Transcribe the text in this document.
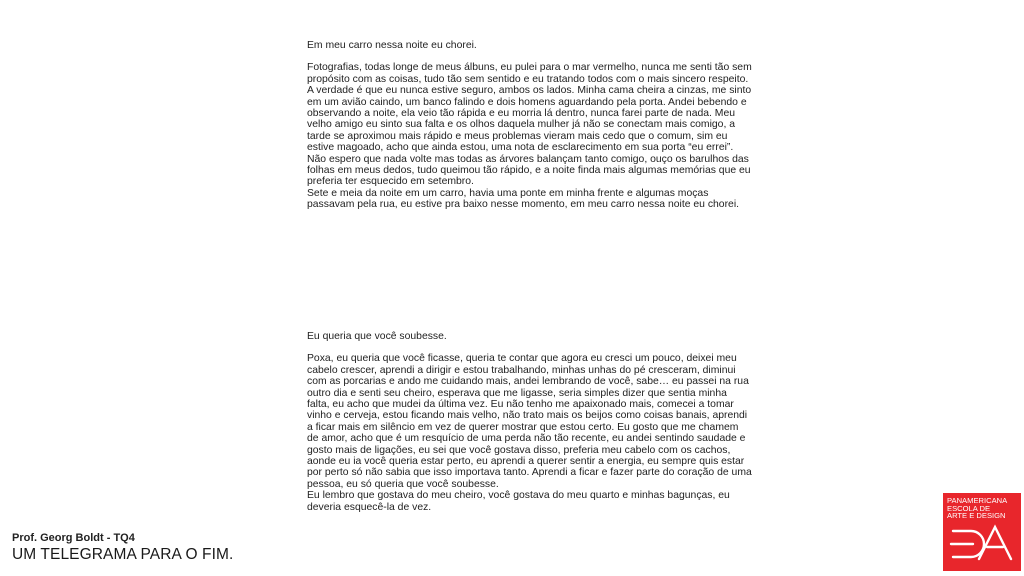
Em meu carro nessa noite eu chorei.

Fotografias, todas longe de meus álbuns, eu pulei para o mar vermelho, nunca me senti tão sem propósito com as coisas, tudo tão sem sentido e eu tratando todos com o mais sincero respeito. A verdade é que eu nunca estive seguro, ambos os lados. Minha cama cheira a cinzas, me sinto em um avião caindo, um banco falindo e dois homens aguardando pela porta. Andei bebendo e observando a noite, ela veio tão rápida e eu morria lá dentro, nunca farei parte de nada. Meu velho amigo eu sinto sua falta e os olhos daquela mulher já não se conectam mais comigo, a tarde se aproximou mais rápido e meus problemas vieram mais cedo que o comum, sim eu estive magoado, acho que ainda estou, uma nota de esclarecimento em sua porta “eu errei”. Não espero que nada volte mas todas as árvores balançam tanto comigo, ouço os barulhos das folhas em meus dedos, tudo queimou tão rápido, e a noite finda mais algumas memórias que eu preferia ter esquecido em setembro.

Sete e meia da noite em um carro, havia uma ponte em minha frente e algumas moças passavam pela rua, eu estive pra baixo nesse momento, em meu carro nessa noite eu chorei.

Eu queria que você soubesse.

Poxa, eu queria que você ficasse, queria te contar que agora eu cresci um pouco, deixei meu cabelo crescer, aprendi a dirigir e estou trabalhando, minhas unhas do pé cresceram, diminui com as porcarias e ando me cuidando mais, andei lembrando de você, sabe… eu passei na rua outro dia e senti seu cheiro, esperava que me ligasse, seria simples dizer que sentia minha falta, eu acho que mudei da última vez. Eu não tenho me apaixonado mais, comecei a tomar vinho e cerveja, estou ficando mais velho, não trato mais os beijos como coisas banais, aprendi a ficar mais em silêncio em vez de querer mostrar que estou certo. Eu gosto que me chamem de amor, acho que é um resquício de uma perda não tão recente, eu andei sentindo saudade e gosto mais de ligações, eu sei que você gostava disso, preferia meu cabelo com os cachos, aonde eu ia você queria estar perto, eu aprendi a querer sentir a energia, eu sempre quis estar por perto só não sabia que isso importava tanto. Aprendi a ficar e fazer parte do coração de uma pessoa, eu só queria que você soubesse.

Eu lembro que gostava do meu cheiro, você gostava do meu quarto e minhas bagunças, eu deveria esquecê-la de vez.

Prof. Georg Boldt - TQ4
UM TELEGRAMA PARA O FIM.
PANAMERICANA
ESCOLA DE
ARTE E DESIGN
